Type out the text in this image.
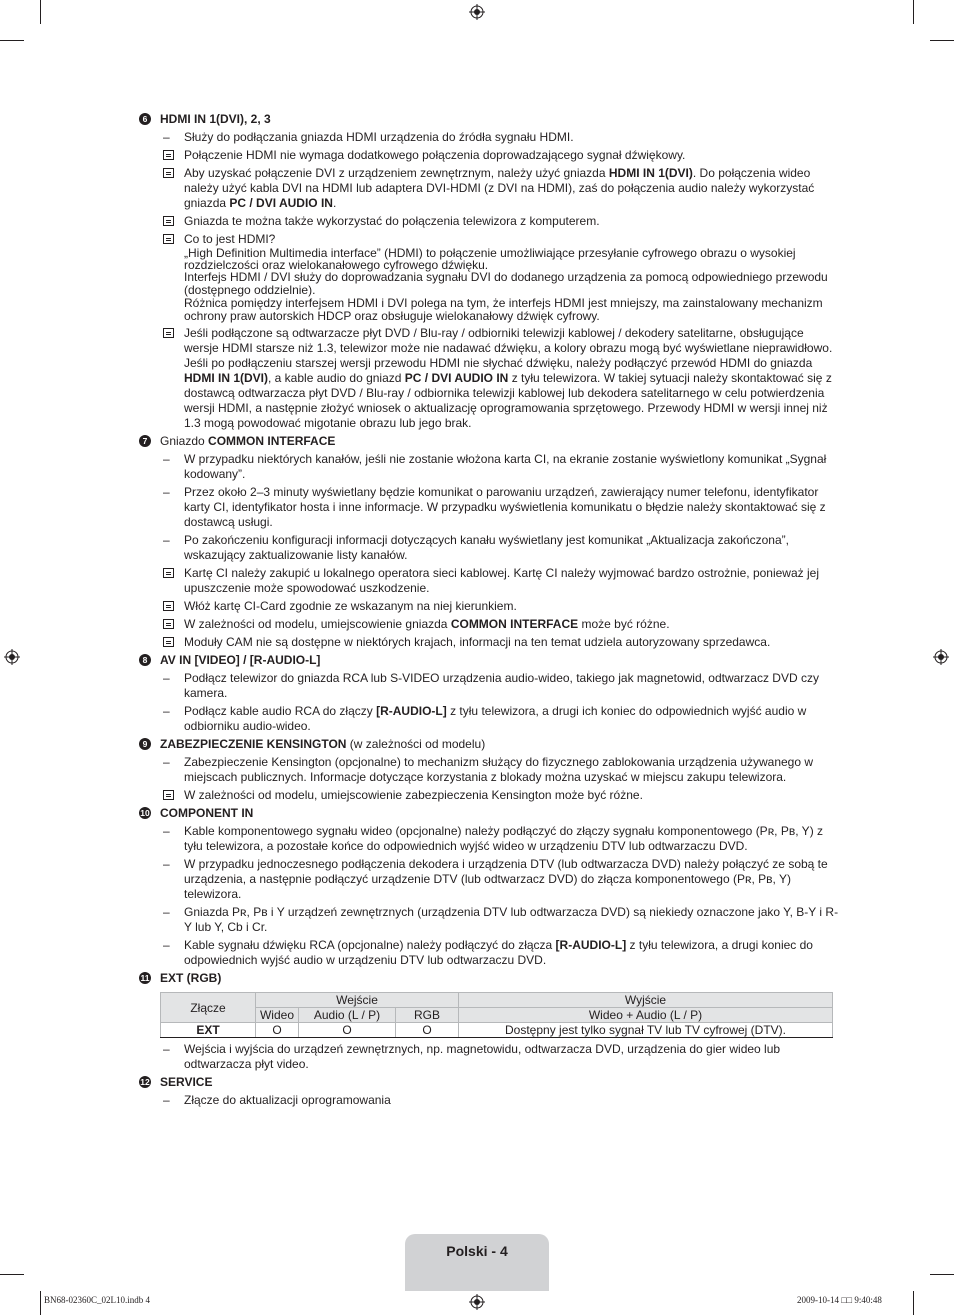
6	HDMI IN 1(DVI), 2, 3
–	Służy do podłączania gniazda HDMI urządzenia do źródła sygnału HDMI.
Połączenie HDMI nie wymaga dodatkowego połączenia doprowadzającego sygnał dźwiękowy.
Aby uzyskać połączenie DVI z urządzeniem zewnętrznym, należy użyć gniazda HDMI IN 1(DVI). Do połączenia wideo należy użyć kabla DVI na HDMI lub adaptera DVI-HDMI (z DVI na HDMI), zaś do połączenia audio należy wykorzystać gniazda PC / DVI AUDIO IN.
Gniazda te można także wykorzystać do połączenia telewizora z komputerem.
Co to jest HDMI?
„High Definition Multimedia interface” (HDMI) to połączenie umożliwiające przesyłanie cyfrowego obrazu o wysokiej rozdzielczości oraz wielokanałowego cyfrowego dźwięku.
Interfejs HDMI / DVI służy do doprowadzania sygnału DVI do dodanego urządzenia za pomocą odpowiedniego przewodu (dostępnego oddzielnie).
Różnica pomiędzy interfejsem HDMI i DVI polega na tym, że interfejs HDMI jest mniejszy, ma zainstalowany mechanizm ochrony praw autorskich HDCP oraz obsługuje wielokanałowy dźwięk cyfrowy.
Jeśli podłączone są odtwarzacze płyt DVD / Blu-ray / odbiorniki telewizji kablowej / dekodery satelitarne, obsługujące wersje HDMI starsze niż 1.3, telewizor może nie nadawać dźwięku, a kolory obrazu mogą być wyświetlane nieprawidłowo. Jeśli po podłączeniu starszej wersji przewodu HDMI nie słychać dźwięku, należy podłączyć przewód HDMI do gniazda HDMI IN 1(DVI), a kable audio do gniazd PC / DVI AUDIO IN z tyłu telewizora. W takiej sytuacji należy skontaktować się z dostawcą odtwarzacza płyt DVD / Blu-ray / odbiornika telewizji kablowej lub dekodera satelitarnego w celu potwierdzenia wersji HDMI, a następnie złożyć wniosek o aktualizację oprogramowania sprzętowego. Przewody HDMI w wersji innej niż 1.3 mogą powodować migotanie obrazu lub jego brak.
7	Gniazdo COMMON INTERFACE
–	W przypadku niektórych kanałów, jeśli nie zostanie włożona karta CI, na ekranie zostanie wyświetlony komunikat „Sygnał kodowany”.
–	Przez około 2–3 minuty wyświetlany będzie komunikat o parowaniu urządzeń, zawierający numer telefonu, identyfikator karty CI, identyfikator hosta i inne informacje. W przypadku wyświetlenia komunikatu o błędzie należy skontaktować się z dostawcą usługi.
–	Po zakończeniu konfiguracji informacji dotyczących kanału wyświetlany jest komunikat „Aktualizacja zakończona”, wskazujący zaktualizowanie listy kanałów.
Kartę CI należy zakupić u lokalnego operatora sieci kablowej. Kartę CI należy wyjmować bardzo ostrożnie, ponieważ jej upuszczenie może spowodować uszkodzenie.
Włóż kartę CI-Card zgodnie ze wskazanym na niej kierunkiem.
W zależności od modelu, umiejscowienie gniazda COMMON INTERFACE może być różne.
Moduły CAM nie są dostępne w niektórych krajach, informacji na ten temat udziela autoryzowany sprzedawca.
8	AV IN [VIDEO] / [R-AUDIO-L]
–	Podłącz telewizor do gniazda RCA lub S-VIDEO urządzenia audio-wideo, takiego jak magnetowid, odtwarzacz DVD czy kamera.
–	Podłącz kable audio RCA do złączy [R-AUDIO-L] z tyłu telewizora, a drugi ich koniec do odpowiednich wyjść audio w odbiorniku audio-wideo.
9	ZABEZPIECZENIE KENSINGTON (w zależności od modelu)
–	Zabezpieczenie Kensington (opcjonalne) to mechanizm służący do fizycznego zablokowania urządzenia używanego w miejscach publicznych. Informacje dotyczące korzystania z blokady można uzyskać w miejscu zakupu telewizora.
W zależności od modelu, umiejscowienie zabezpieczenia Kensington może być różne.
10 COMPONENT IN
–	Kable komponentowego sygnału wideo (opcjonalne) należy podłączyć do złączy sygnału komponentowego (Pʀ, Pʙ, Y) z tyłu telewizora, a pozostałe końce do odpowiednich wyjść wideo w urządzeniu DTV lub odtwarzaczu DVD.
–	W przypadku jednoczesnego podłączenia dekodera i urządzenia DTV (lub odtwarzacza DVD) należy połączyć ze sobą te urządzenia, a następnie podłączyć urządzenie DTV (lub odtwarzacz DVD) do złącza komponentowego (Pʀ, Pʙ, Y) telewizora.
–	Gniazda Pʀ, Pʙ i Y urządzeń zewnętrznych (urządzenia DTV lub odtwarzacza DVD) są niekiedy oznaczone jako Y, B-Y i R-Y lub Y, Cb i Cr.
–	Kable sygnału dźwięku RCA (opcjonalne) należy podłączyć do złącza [R-AUDIO-L] z tyłu telewizora, a drugi koniec do odpowiednich wyjść audio w urządzeniu DTV lub odtwarzaczu DVD.
11 EXT (RGB)
Złącze	Wejście			Wyjście
	Wideo	Audio (L / P)	RGB	Wideo + Audio (L / P)
EXT	O	O	O	Dostępny jest tylko sygnał TV lub TV cyfrowej (DTV).
–	Wejścia i wyjścia do urządzeń zewnętrznych, np. magnetowidu, odtwarzacza DVD, urządzenia do gier wideo lub odtwarzacza płyt video.
12 SERVICE
–	Złącze do aktualizacji oprogramowania
Polski - 4
BN68-02360C_02L10.indb 4	2009-10-14 □□ 9:40:48
